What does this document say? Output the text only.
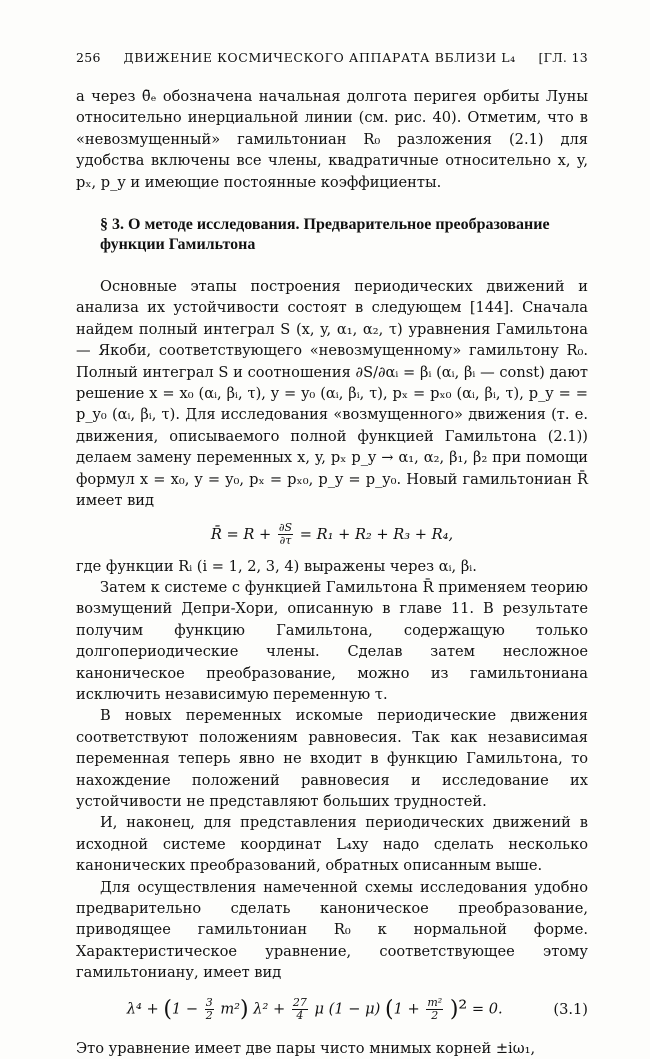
256 ДВИЖЕНИЕ КОСМИЧЕСКОГО АППАРАТА ВБЛИЗИ L₄ [ГЛ. 13

а через θ̄ₑ обозначена начальная долгота перигея орбиты Луны относительно инерциальной линии (см. рис. 40). Отметим, что в «невозмущенный» гамильтониан R₀ разложения (2.1) для удобства включены все члены, квадратичные относительно x, y, pₓ, p_y и имеющие постоянные коэффициенты.

§ 3. О методе исследования. Предварительное преобразование функции Гамильтона

Основные этапы построения периодических движений и анализа их устойчивости состоят в следующем [144]. Сначала найдем полный интеграл S (x, y, α₁, α₂, τ) уравнения Гамильтона — Якоби, соответствующего «невозмущенному» гамильтону R₀. Полный интеграл S и соотношения ∂S/∂αᵢ = βᵢ (αᵢ, βᵢ — const) дают решение x = x₀ (αᵢ, βᵢ, τ), y = y₀ (αᵢ, βᵢ, τ), pₓ = pₓ₀ (αᵢ, βᵢ, τ), p_y = = p_y₀ (αᵢ, βᵢ, τ). Для исследования «возмущенного» движения (т. е. движения, описываемого полной функцией Гамильтона (2.1)) делаем замену переменных x, y, pₓ p_y → α₁, α₂, β₁, β₂ при помощи формул x = x₀, y = y₀, pₓ = pₓ₀, p_y = p_y₀. Новый гамильтониан R̄ имеет вид

R̄ = $R + \frac{\partial S}{\partial\tau} = R_1 + R_2 + R_3 + R_4$,

где функции Rᵢ (i = 1, 2, 3, 4) выражены через αᵢ, βᵢ.

Затем к системе с функцией Гамильтона R̄ применяем теорию возмущений Депри-Хори, описанную в главе 11. В результате получим функцию Гамильтона, содержащую только долгопериодические члены. Сделав затем несложное каноническое преобразование, можно из гамильтониана исключить независимую переменную τ.

В новых переменных искомые периодические движения соответствуют положениям равновесия. Так как независимая переменная теперь явно не входит в функцию Гамильтона, то нахождение положений равновесия и исследование их устойчивости не представляют больших трудностей.

И, наконец, для представления периодических движений в исходной системе координат L₄xy надо сделать несколько канонических преобразований, обратных описанным выше.

Для осуществления намеченной схемы исследования удобно предварительно сделать каноническое преобразование, приводящее гамильтониан R₀ к нормальной форме. Характеристическое уравнение, соответствующее этому гамильтониану, имеет вид

$\lambda^4 + (1 - \frac{3}{2} m^2)$ $\lambda^2 + \frac{27}{4}$ μ (1 − μ) $(1 + \frac{\text{m²}}{2} )^2 = 0$.	(3.1)

Это уравнение имеет две пары чисто мнимых корней ±iω₁,
